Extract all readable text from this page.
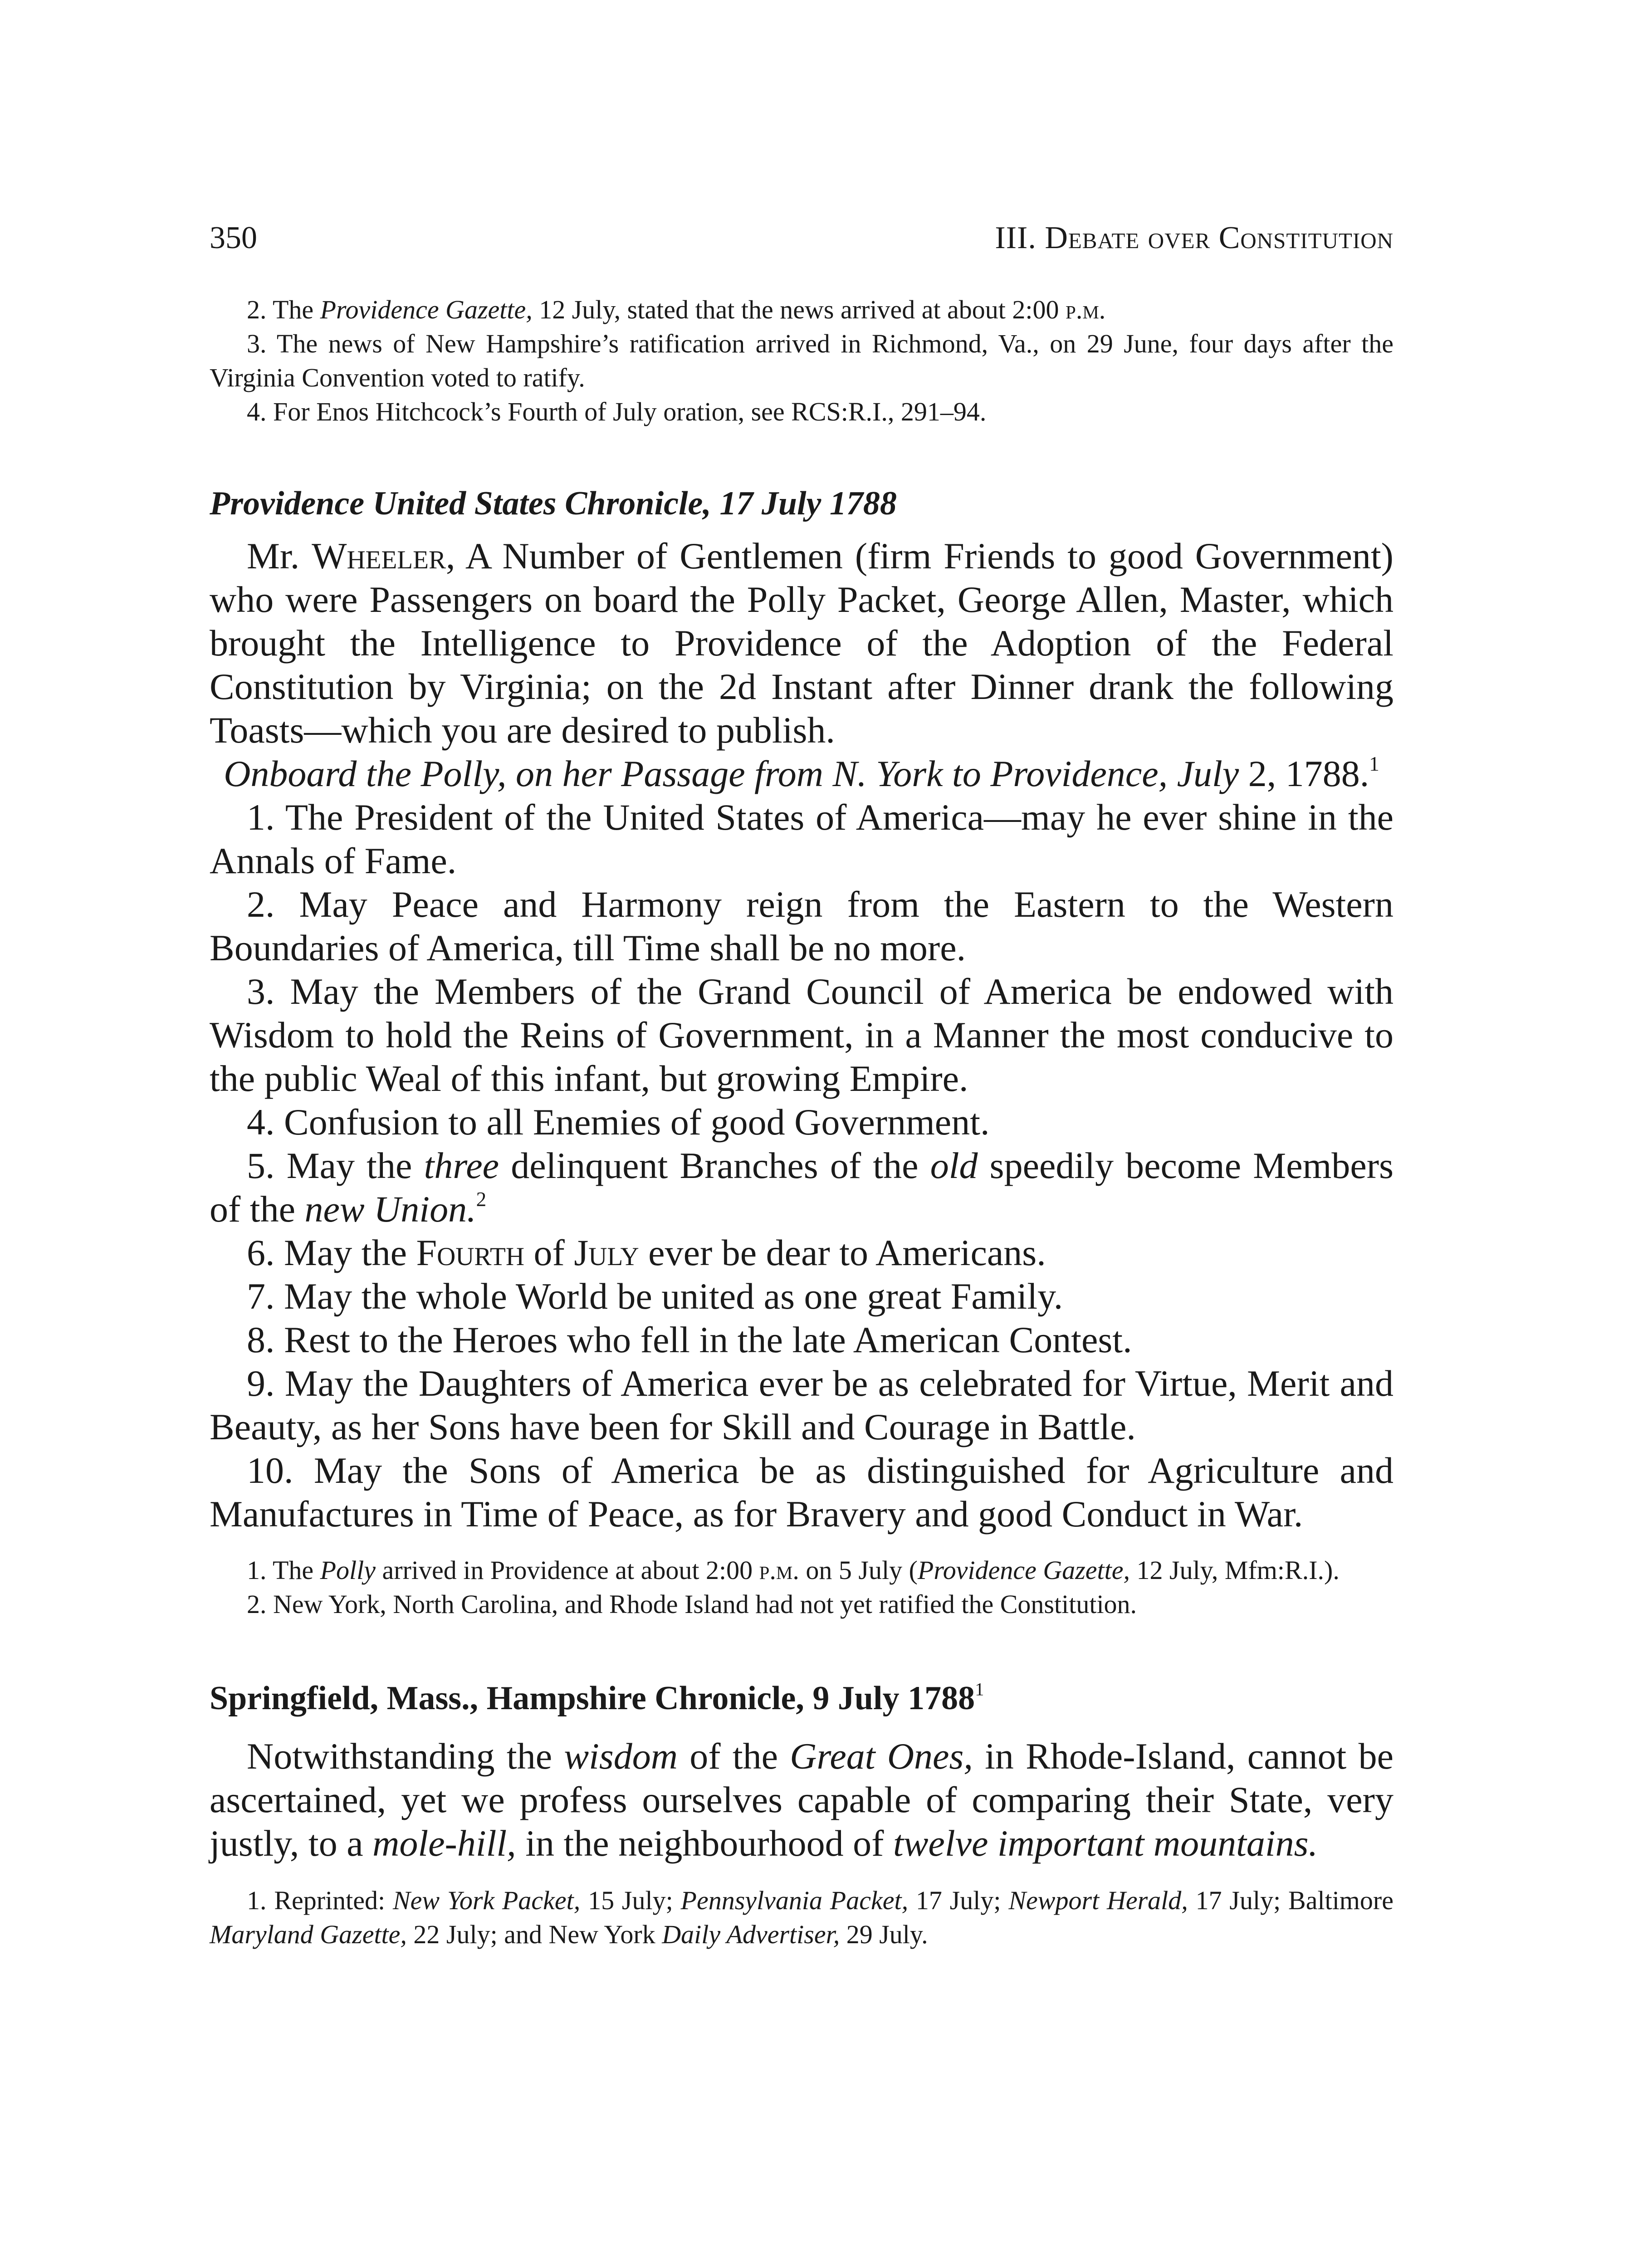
350	III. Debate over Constitution

2. The Providence Gazette, 12 July, stated that the news arrived at about 2:00 p.m.

3. The news of New Hampshire’s ratification arrived in Richmond, Va., on 29 June, four days after the Virginia Convention voted to ratify.

4. For Enos Hitchcock’s Fourth of July oration, see RCS:R.I., 291–94.

Providence United States Chronicle, 17 July 1788

Mr. Wheeler, A Number of Gentlemen (firm Friends to good Government) who were Passengers on board the Polly Packet, George Allen, Master, which brought the Intelligence to Providence of the Adoption of the Federal Constitution by Virginia; on the 2d Instant after Dinner drank the following Toasts—which you are desired to publish.

Onboard the Polly, on her Passage from N. York to Providence, July 2, 1788.$^1$

1. The President of the United States of America—may he ever shine in the Annals of Fame.

2. May Peace and Harmony reign from the Eastern to the Western Boundaries of America, till Time shall be no more.

3. May the Members of the Grand Council of America be endowed with Wisdom to hold the Reins of Government, in a Manner the most conducive to the public Weal of this infant, but growing Empire.

4. Confusion to all Enemies of good Government.

5. May the three delinquent Branches of the old speedily become Members of the new Union.$^2$

6. May the Fourth of July ever be dear to Americans.

7. May the whole World be united as one great Family.

8. Rest to the Heroes who fell in the late American Contest.

9. May the Daughters of America ever be as celebrated for Virtue, Merit and Beauty, as her Sons have been for Skill and Courage in Battle.

10. May the Sons of America be as distinguished for Agriculture and Manufactures in Time of Peace, as for Bravery and good Conduct in War.

1. The Polly arrived in Providence at about 2:00 p.m. on 5 July (Providence Gazette, 12 July, Mfm:R.I.).

2. New York, North Carolina, and Rhode Island had not yet ratified the Constitution.

Springfield, Mass., Hampshire Chronicle, 9 July 1788$^1$

Notwithstanding the wisdom of the Great Ones, in Rhode-Island, cannot be ascertained, yet we profess ourselves capable of comparing their State, very justly, to a mole-hill, in the neighbourhood of twelve important mountains.

1. Reprinted: New York Packet, 15 July; Pennsylvania Packet, 17 July; Newport Herald, 17 July; Baltimore Maryland Gazette, 22 July; and New York Daily Advertiser, 29 July.
